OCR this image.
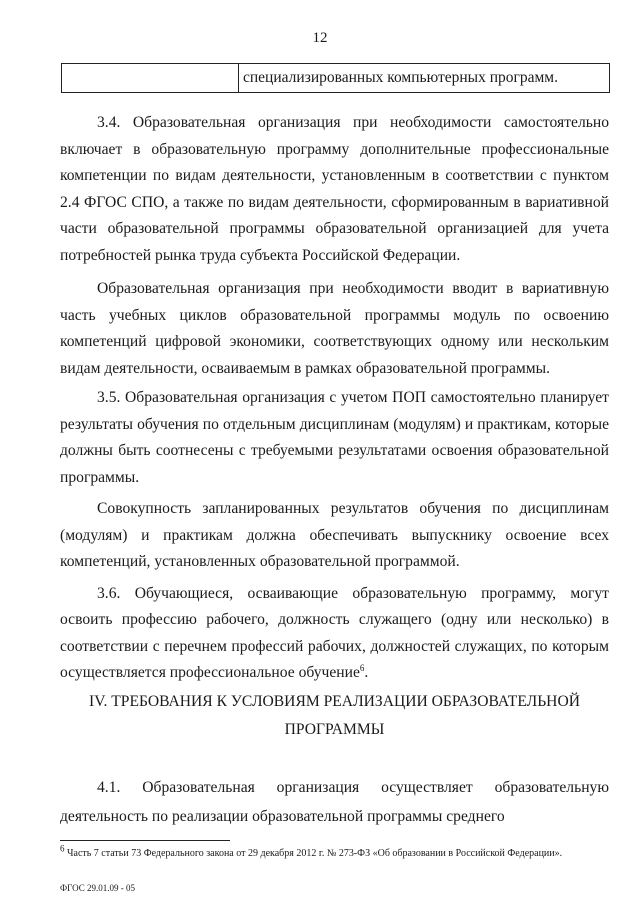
12
специализированных компьютерных программ.

3.4. Образовательная организация при необходимости самостоятельно включает в образовательную программу дополнительные профессиональные компетенции по видам деятельности, установленным в соответствии с пунктом 2.4 ФГОС СПО, а также по видам деятельности, сформированным в вариативной части образовательной программы образовательной организацией для учета потребностей рынка труда субъекта Российской Федерации.

Образовательная организация при необходимости вводит в вариативную часть учебных циклов образовательной программы модуль по освоению компетенций цифровой экономики, соответствующих одному или нескольким видам деятельности, осваиваемым в рамках образовательной программы.

3.5. Образовательная организация с учетом ПОП самостоятельно планирует результаты обучения по отдельным дисциплинам (модулям) и практикам, которые должны быть соотнесены с требуемыми результатами освоения образовательной программы.

Совокупность запланированных результатов обучения по дисциплинам (модулям) и практикам должна обеспечивать выпускнику освоение всех компетенций, установленных образовательной программой.

3.6. Обучающиеся, осваивающие образовательную программу, могут освоить профессию рабочего, должность служащего (одну или несколько) в соответствии с перечнем профессий рабочих, должностей служащих, по которым осуществляется профессиональное обучение$^6$.

IV. ТРЕБОВАНИЯ К УСЛОВИЯМ РЕАЛИЗАЦИИ ОБРАЗОВАТЕЛЬНОЙ
ПРОГРАММЫ
4.1. Образовательная организация осуществляет образовательную деятельность по реализации образовательной программы среднего
$^6$ Часть 7 статьи 73 Федерального закона от 29 декабря 2012 г. № 273-ФЗ «Об образовании в Российской Федерации».
ФГОС 29.01.09 - 05
